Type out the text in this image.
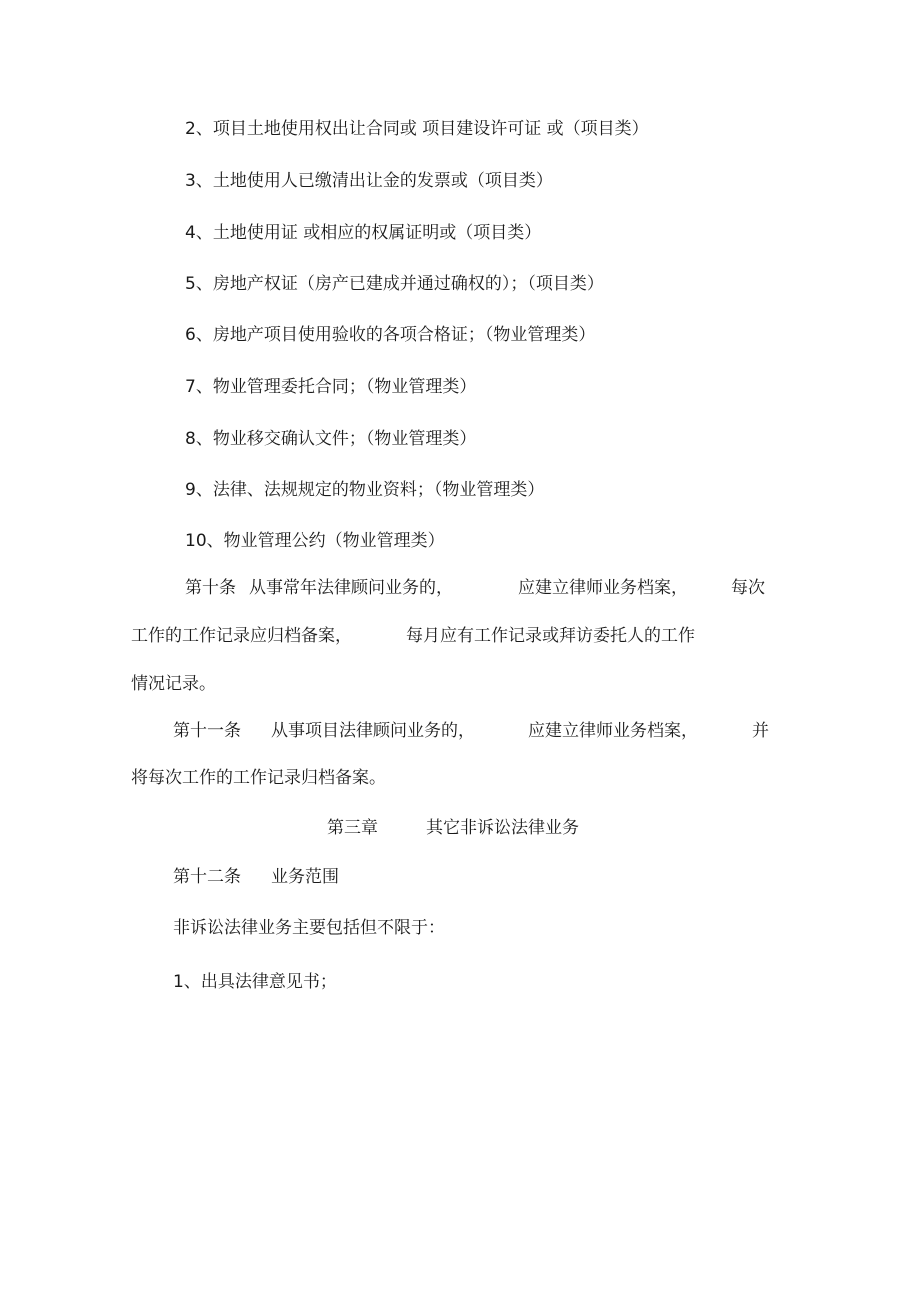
2、项目土地使用权出让合同或 项目建设许可证 或（项目类）
3、土地使用人已缴清出让金的发票或（项目类）
4、土地使用证 或相应的权属证明或（项目类）
5、房地产权证（房产已建成并通过确权的）；（项目类）
6、房地产项目使用验收的各项合格证；（物业管理类）
7、物业管理委托合同；（物业管理类）
8、物业移交确认文件；（物业管理类）
9、法律、法规规定的物业资料；（物业管理类）
10、物业管理公约（物业管理类）
第十条 从事常年法律顾问业务的，	应建立律师业务档案，	每次
工作的工作记录应归档备案，	每月应有工作记录或拜访委托人的工作
情况记录。
第十一条 从事项目法律顾问业务的，	应建立律师业务档案，	并
将每次工作的工作记录归档备案。
第三章	其它非诉讼法律业务
第十二条 业务范围
非诉讼法律业务主要包括但不限于：
1、出具法律意见书；
